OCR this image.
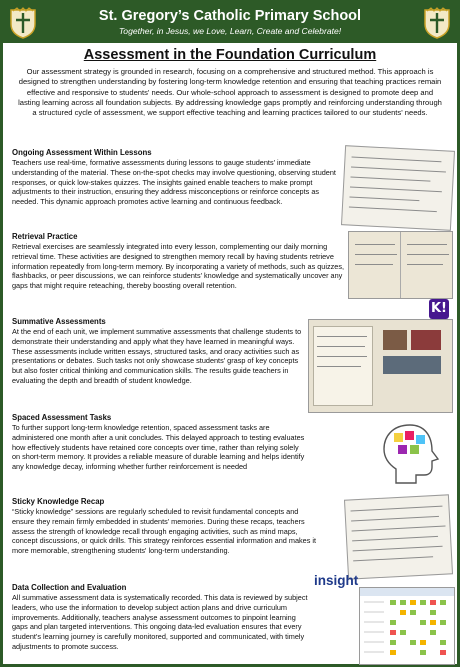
St. Gregory’s Catholic Primary School
Together, in Jesus, we Love, Learn, Create and Celebrate!
Assessment in the Foundation Curriculum
Our assessment strategy is grounded in research, focusing on a comprehensive and structured method. This approach is designed to strengthen understanding by fostering long-term knowledge retention and ensuring that teaching practices remain effective and responsive to students' needs. Our whole-school approach to assessment is designed to promote deep and lasting learning across all foundation subjects. By addressing knowledge gaps promptly and reinforcing understanding through a structured cycle of assessment, we support effective teaching and learning practices tailored to our students' needs.
Ongoing Assessment Within Lessons

Teachers use real-time, formative assessments during lessons to gauge students' immediate understanding of the material. These on-the-spot checks may involve questioning, observing student responses, or quick low-stakes quizzes. The insights gained enable teachers to make prompt adjustments to their instruction, ensuring they address misconceptions or reinforce concepts as needed. This dynamic approach promotes active learning and continuous feedback.

Retrieval Practice

Retrieval exercises are seamlessly integrated into every lesson, complementing our daily morning retrieval time. These activities are designed to strengthen memory recall by having students retrieve information repeatedly from long-term memory. By incorporating a variety of methods, such as quizzes, flashbacks, or peer discussions, we can reinforce students' knowledge and systematically uncover any gaps that might require reteaching, thereby boosting overall retention.

Summative Assessments

At the end of each unit, we implement summative assessments that challenge students to demonstrate their understanding and apply what they have learned in meaningful ways. These assessments include written essays, structured tasks, and oracy activities such as presentations or debates. Such tasks not only showcase students' grasp of key concepts but also foster critical thinking and communication skills. The results guide teachers in evaluating the depth and breadth of student knowledge.

Spaced Assessment Tasks

To further support long-term knowledge retention, spaced assessment tasks are administered one month after a unit concludes. This delayed approach to testing evaluates how effectively students have retained core concepts over time, rather than relying solely on short-term memory. It provides a reliable measure of durable learning and helps identify any knowledge decay, informing whether further reinforcement is needed

Sticky Knowledge Recap

“Sticky knowledge” sessions are regularly scheduled to revisit fundamental concepts and ensure they remain firmly embedded in students' memories. During these recaps, teachers assess the strength of knowledge recall through engaging activities, such as mind maps, concept discussions, or quick drills. This strategy reinforces essential information and makes it more memorable, strengthening students' long-term understanding.

Data Collection and Evaluation

All summative assessment data is systematically recorded. This data is reviewed by subject leaders, who use the information to develop subject action plans and drive curriculum improvements. Additionally, teachers analyse assessment outcomes to pinpoint learning gaps and plan targeted interventions. This ongoing data-led evaluation ensures that every student's learning journey is carefully monitored, supported and communicated, with timely adjustments to promote success.

K!
insight
